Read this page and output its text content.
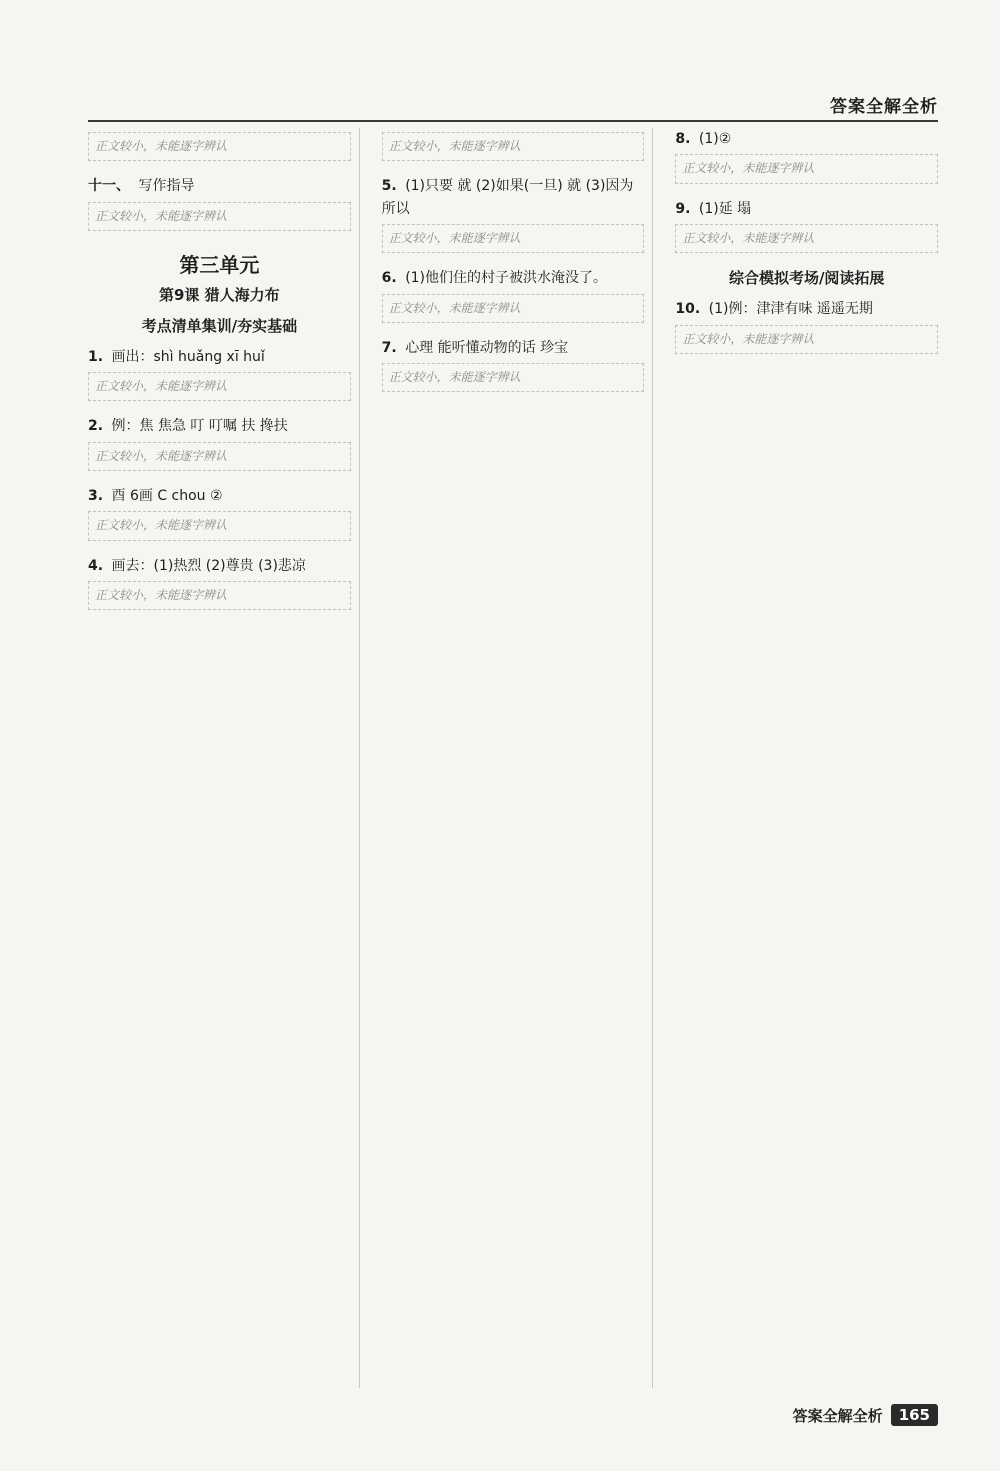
答案全解全析
正文较小，未能逐字辨认
十一、 写作指导
正文较小，未能逐字辨认
第三单元
第9课 猎人海力布
考点清单集训/夯实基础
1. 画出：shì huǎng xī huǐ
正文较小，未能逐字辨认
2. 例：焦 焦急 叮 叮嘱 扶 搀扶
正文较小，未能逐字辨认
3. 酉 6画 C chou ②
正文较小，未能逐字辨认
4. 画去：(1)热烈 (2)尊贵 (3)悲凉
正文较小，未能逐字辨认
正文较小，未能逐字辨认
5. (1)只要 就 (2)如果(一旦) 就 (3)因为 所以
正文较小，未能逐字辨认
6. (1)他们住的村子被洪水淹没了。
正文较小，未能逐字辨认
7. 心理 能听懂动物的话 珍宝
正文较小，未能逐字辨认
8. (1)②
正文较小，未能逐字辨认
9. (1)延 塌
正文较小，未能逐字辨认
综合模拟考场/阅读拓展
10. (1)例：津津有味 遥遥无期
正文较小，未能逐字辨认
答案全解全析	165
